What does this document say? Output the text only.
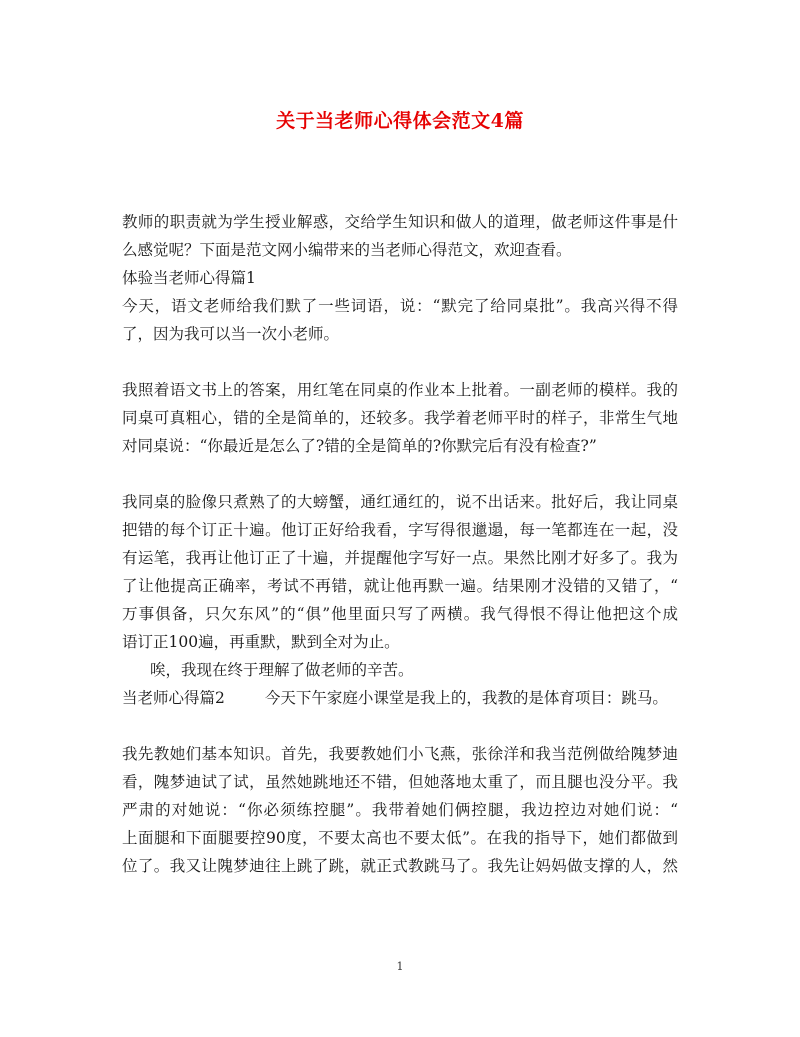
关于当老师心得体会范文4篇
教师的职责就为学生授业解惑，交给学生知识和做人的道理，做老师这件事是什
么感觉呢？下面是范文网小编带来的当老师心得范文，欢迎查看。
体验当老师心得篇1
今天，语文老师给我们默了一些词语，说：“默完了给同桌批”。我高兴得不得
了，因为我可以当一次小老师。
我照着语文书上的答案，用红笔在同桌的作业本上批着。一副老师的模样。我的
同桌可真粗心，错的全是简单的，还较多。我学着老师平时的样子，非常生气地
对同桌说：“你最近是怎么了?错的全是简单的?你默完后有没有检查?”
我同桌的脸像只煮熟了的大螃蟹，通红通红的，说不出话来。批好后，我让同桌
把错的每个订正十遍。他订正好给我看，字写得很邋遢，每一笔都连在一起，没
有运笔，我再让他订正了十遍，并提醒他字写好一点。果然比刚才好多了。我为
了让他提高正确率，考试不再错，就让他再默一遍。结果刚才没错的又错了，“
万事俱备，只欠东风”的“俱”他里面只写了两横。我气得恨不得让他把这个成
语订正100遍，再重默，默到全对为止。
唉，我现在终于理解了做老师的辛苦。
当老师心得篇2	今天下午家庭小课堂是我上的，我教的是体育项目：跳马。
我先教她们基本知识。首先，我要教她们小飞燕，张徐洋和我当范例做给隗梦迪
看，隗梦迪试了试，虽然她跳地还不错，但她落地太重了，而且腿也没分平。我
严肃的对她说：“你必须练控腿”。我带着她们俩控腿，我边控边对她们说：“
上面腿和下面腿要控90度，不要太高也不要太低”。在我的指导下，她们都做到
位了。我又让隗梦迪往上跳了跳，就正式教跳马了。我先让妈妈做支撑的人，然
1
